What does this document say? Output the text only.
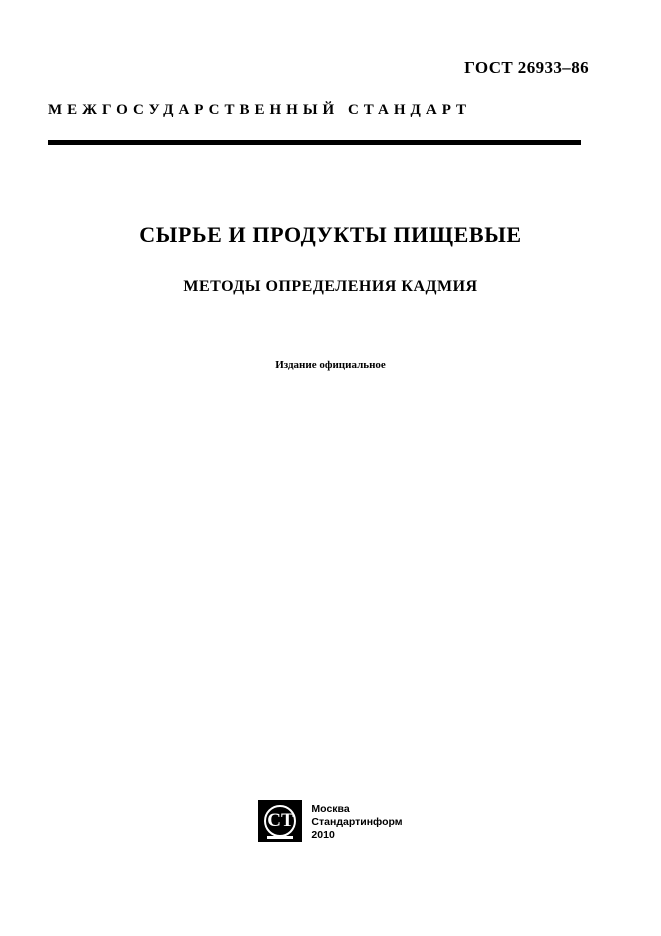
ГОСТ 26933–86
МЕЖГОСУДАРСТВЕННЫЙ СТАНДАРТ
СЫРЬЕ И ПРОДУКТЫ ПИЩЕВЫЕ
МЕТОДЫ ОПРЕДЕЛЕНИЯ КАДМИЯ
Издание официальное
СТ
Москва
Стандартинформ
2010
